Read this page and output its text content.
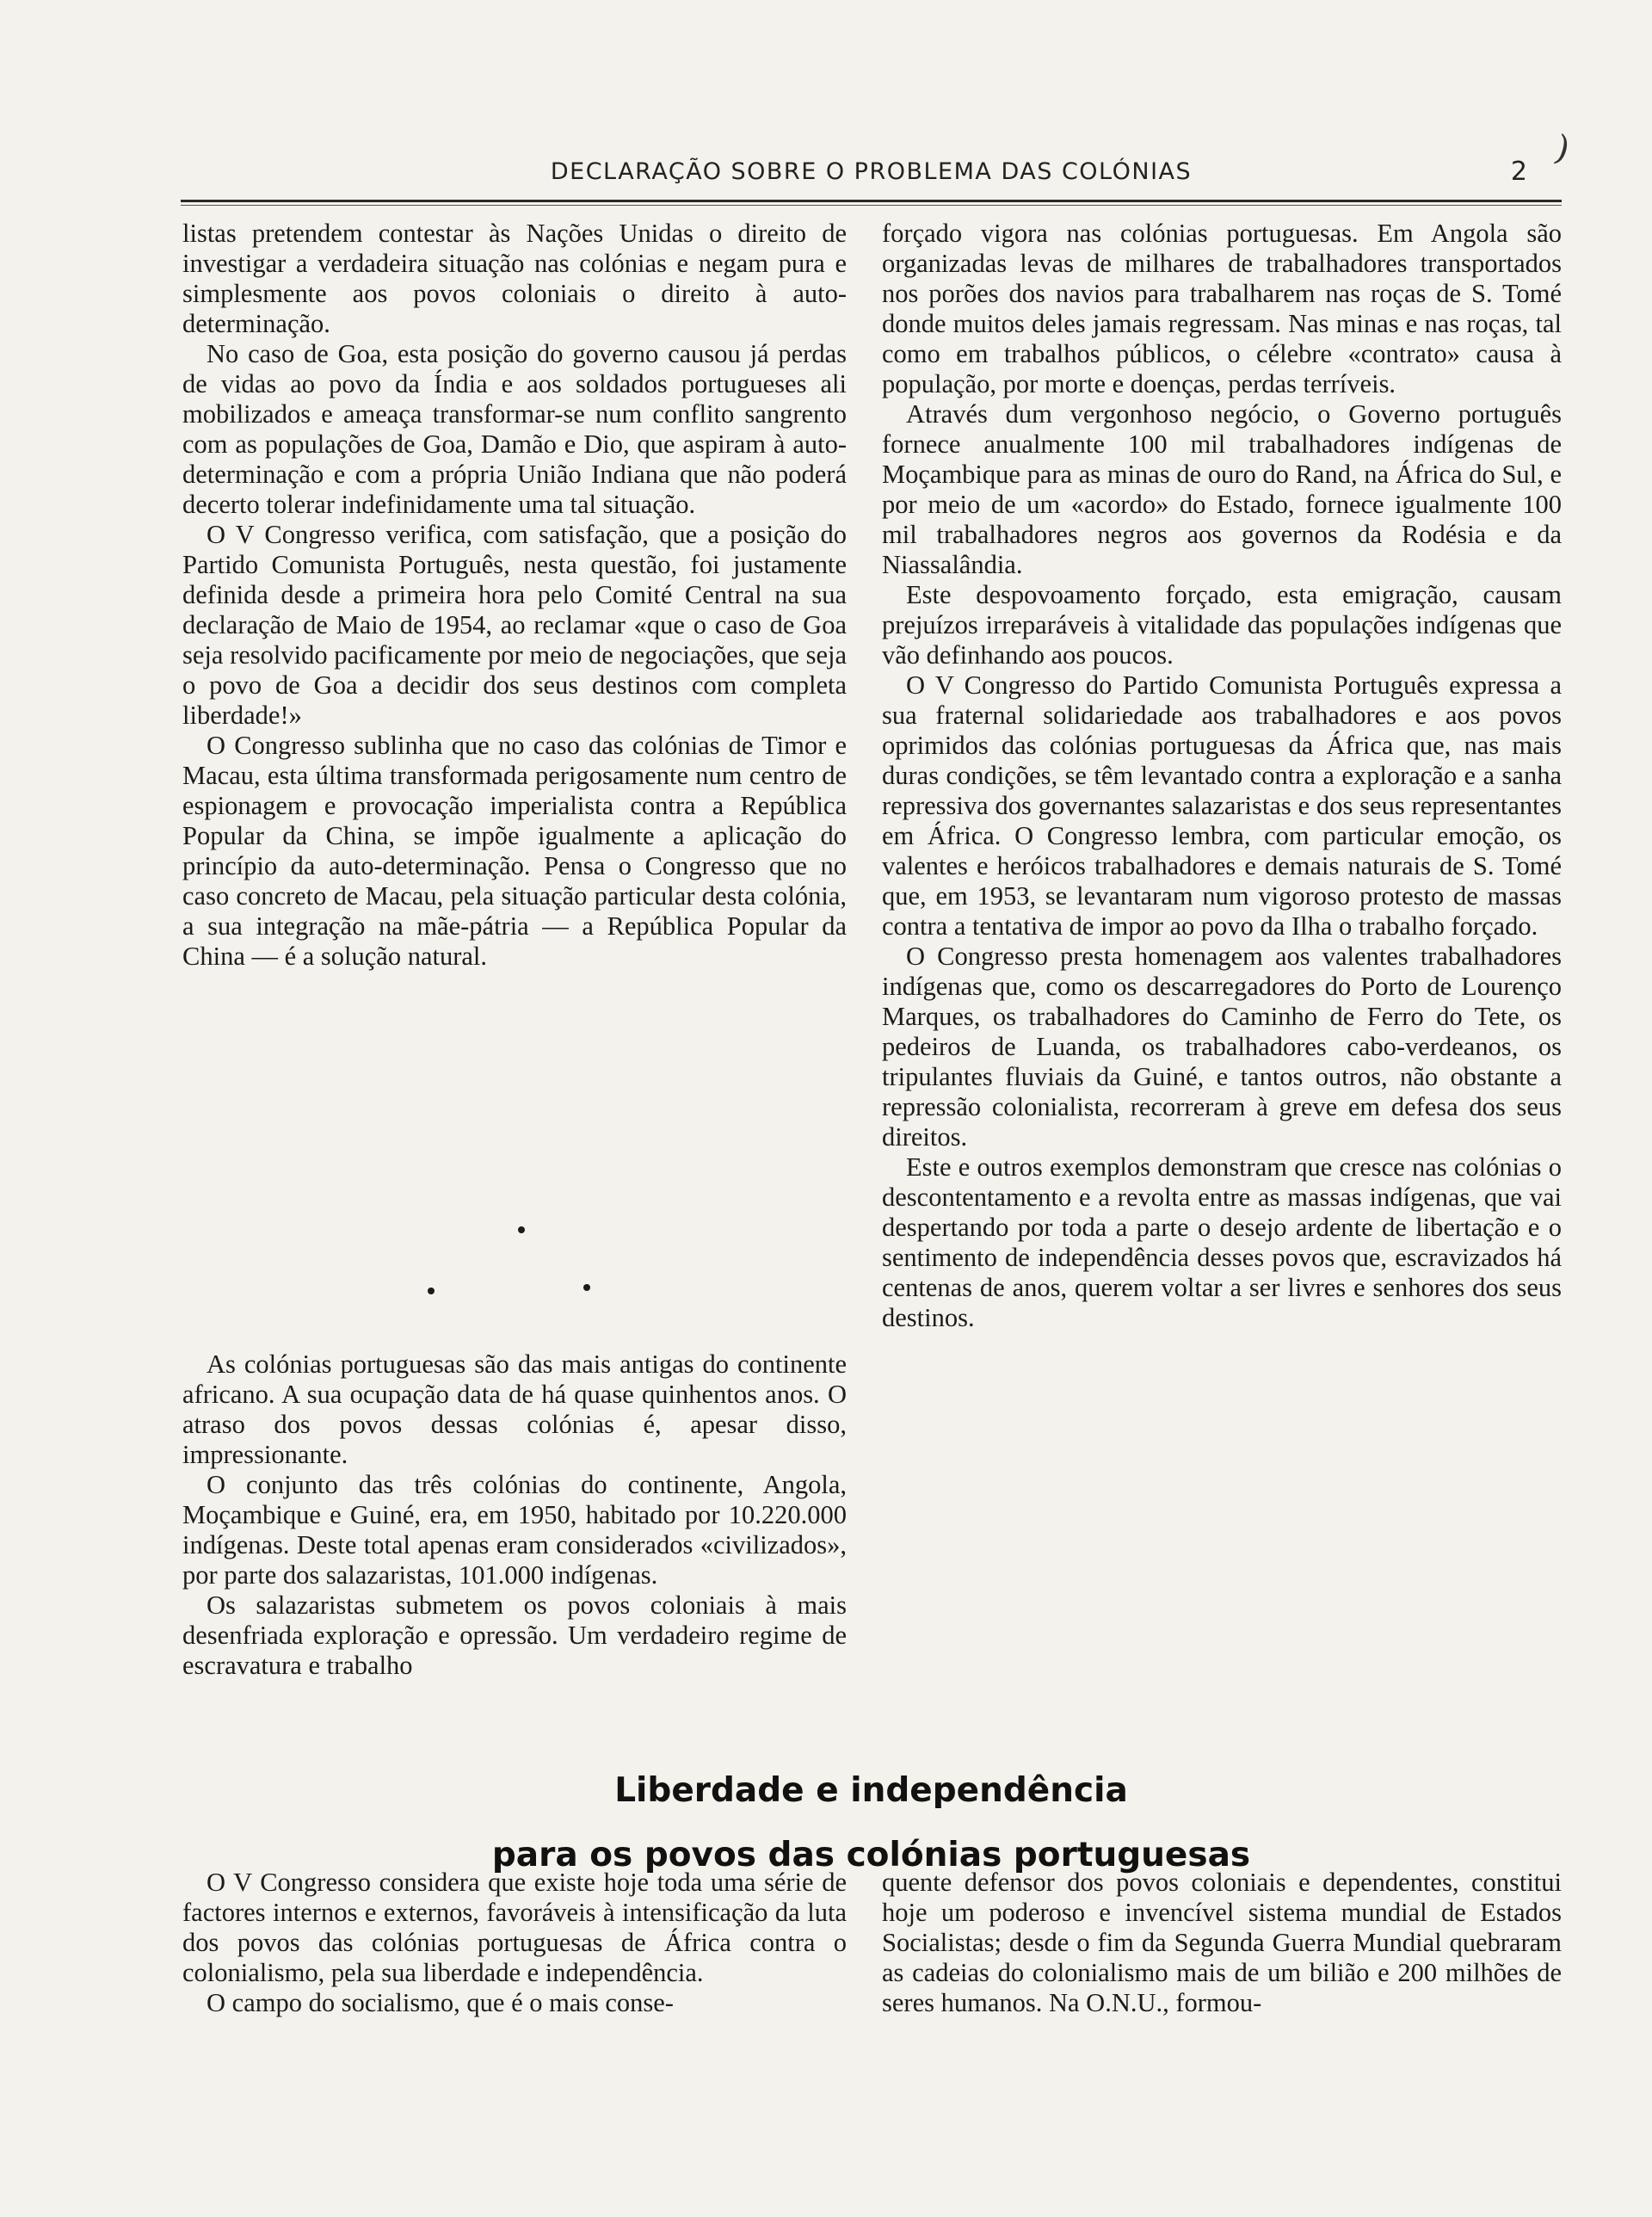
DECLARAÇÃO SOBRE O PROBLEMA DAS COLÓNIAS	2
)

listas pretendem contestar às Nações Unidas o direito de investigar a verdadeira situação nas colónias e negam pura e simplesmente aos povos coloniais o direito à auto-determinação.

No caso de Goa, esta posição do governo causou já perdas de vidas ao povo da Índia e aos soldados portugueses ali mobilizados e ameaça transformar-se num conflito sangrento com as populações de Goa, Damão e Dio, que aspiram à auto-determinação e com a própria União Indiana que não poderá decerto tolerar indefinidamente uma tal situação.

O V Congresso verifica, com satisfação, que a posição do Partido Comunista Português, nesta questão, foi justamente definida desde a primeira hora pelo Comité Central na sua declaração de Maio de 1954, ao reclamar «que o caso de Goa seja resolvido pacificamente por meio de negociações, que seja o povo de Goa a decidir dos seus destinos com completa liberdade!»

O Congresso sublinha que no caso das colónias de Timor e Macau, esta última transformada perigosamente num centro de espionagem e provocação imperialista contra a República Popular da China, se impõe igualmente a aplicação do princípio da auto-determinação. Pensa o Congresso que no caso concreto de Macau, pela situação particular desta colónia, a sua integração na mãe-pátria — a República Popular da China — é a solução natural.

As colónias portuguesas são das mais antigas do continente africano. A sua ocupação data de há quase quinhentos anos. O atraso dos povos dessas colónias é, apesar disso, impressionante.

O conjunto das três colónias do continente, Angola, Moçambique e Guiné, era, em 1950, habitado por 10.220.000 indígenas. Deste total apenas eram considerados «civilizados», por parte dos salazaristas, 101.000 indígenas.

Os salazaristas submetem os povos coloniais à mais desenfriada exploração e opressão. Um verdadeiro regime de escravatura e trabalho

forçado vigora nas colónias portuguesas. Em Angola são organizadas levas de milhares de trabalhadores transportados nos porões dos navios para trabalharem nas roças de S. Tomé donde muitos deles jamais regressam. Nas minas e nas roças, tal como em trabalhos públicos, o célebre «contrato» causa à população, por morte e doenças, perdas terríveis.

Através dum vergonhoso negócio, o Governo português fornece anualmente 100 mil trabalhadores indígenas de Moçambique para as minas de ouro do Rand, na África do Sul, e por meio de um «acordo» do Estado, fornece igualmente 100 mil trabalhadores negros aos governos da Rodésia e da Niassalândia.

Este despovoamento forçado, esta emigração, causam prejuízos irreparáveis à vitalidade das populações indígenas que vão definhando aos poucos.

O V Congresso do Partido Comunista Português expressa a sua fraternal solidariedade aos trabalhadores e aos povos oprimidos das colónias portuguesas da África que, nas mais duras condições, se têm levantado contra a exploração e a sanha repressiva dos governantes salazaristas e dos seus representantes em África. O Congresso lembra, com particular emoção, os valentes e heróicos trabalhadores e demais naturais de S. Tomé que, em 1953, se levantaram num vigoroso protesto de massas contra a tentativa de impor ao povo da Ilha o trabalho forçado.

O Congresso presta homenagem aos valentes trabalhadores indígenas que, como os descarregadores do Porto de Lourenço Marques, os trabalhadores do Caminho de Ferro do Tete, os pedeiros de Luanda, os trabalhadores cabo-verdeanos, os tripulantes fluviais da Guiné, e tantos outros, não obstante a repressão colonialista, recorreram à greve em defesa dos seus direitos.

Este e outros exemplos demonstram que cresce nas colónias o descontentamento e a revolta entre as massas indígenas, que vai despertando por toda a parte o desejo ardente de libertação e o sentimento de independência desses povos que, escravizados há centenas de anos, querem voltar a ser livres e senhores dos seus destinos.

Liberdade e independência
para os povos das colónias portuguesas

O V Congresso considera que existe hoje toda uma série de factores internos e externos, favoráveis à intensificação da luta dos povos das colónias portuguesas de África contra o colonialismo, pela sua liberdade e independência.

O campo do socialismo, que é o mais conse-

quente defensor dos povos coloniais e dependentes, constitui hoje um poderoso e invencível sistema mundial de Estados Socialistas; desde o fim da Segunda Guerra Mundial quebraram as cadeias do colonialismo mais de um bilião e 200 milhões de seres humanos. Na O.N.U., formou-
